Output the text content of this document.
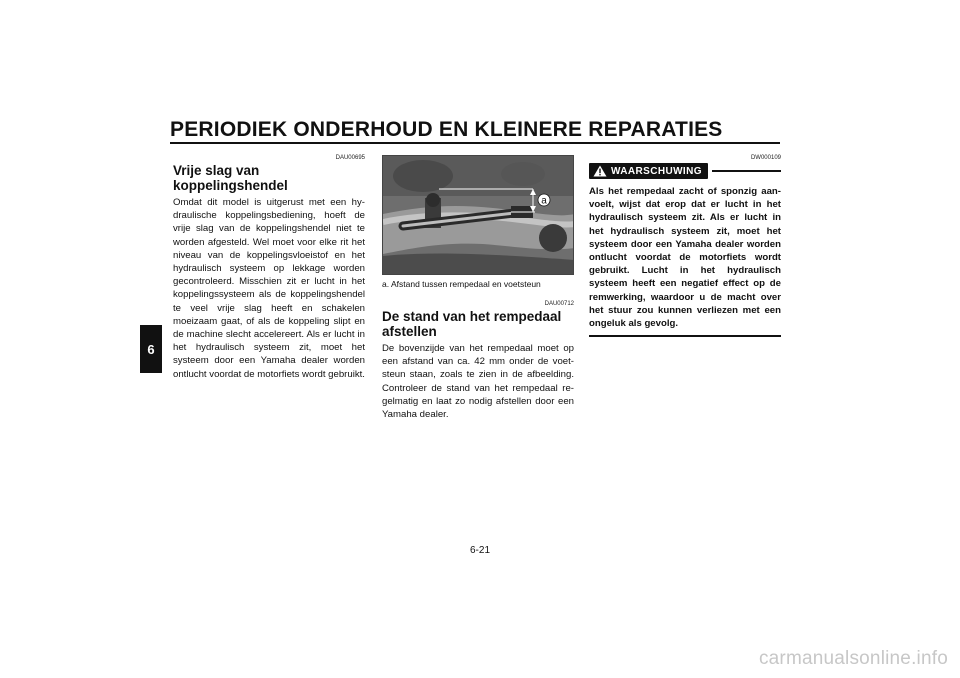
PERIODIEK ONDERHOUD EN KLEINERE REPARATIES
6
DAU00695
Vrije slag van koppelingshendel
Omdat dit model is uitgerust met een hydraulische koppelingsbediening, hoeft de vrije slag van de koppelingshendel niet te worden afgesteld. Wel moet voor elke rit het niveau van de koppelingsvloeistof en het hydraulisch systeem op lekkage worden gecontroleerd. Misschien zit er lucht in het koppelingssysteem als de koppelingshendel te veel vrije slag heeft en schakelen moeizaam gaat, of als de koppeling slipt en de machine slecht accelereert. Als er lucht in het hydraulisch systeem zit, moet het systeem door een Yamaha dealer worden ontlucht voordat de motorfiets wordt gebruikt.
a
a. Afstand tussen rempedaal en voetsteun
DAU00712
De stand van het rempedaal afstellen
De bovenzijde van het rempedaal moet op een afstand van ca. 42 mm onder de voetsteun staan, zoals te zien in de afbeelding. Controleer de stand van het rempedaal regelmatig en laat zo nodig afstellen door een Yamaha dealer.
DW000109
WAARSCHUWING
Als het rempedaal zacht of sponzig aanvoelt, wijst dat erop dat er lucht in het hydraulisch systeem zit. Als er lucht in het hydraulisch systeem zit, moet het systeem door een Yamaha dealer worden ontlucht voordat de motorfiets wordt gebruikt. Lucht in het hydraulisch systeem heeft een negatief effect op de remwerking, waardoor u de macht over het stuur zou kunnen verliezen met een ongeluk als gevolg.
6-21
carmanualsonline.info
